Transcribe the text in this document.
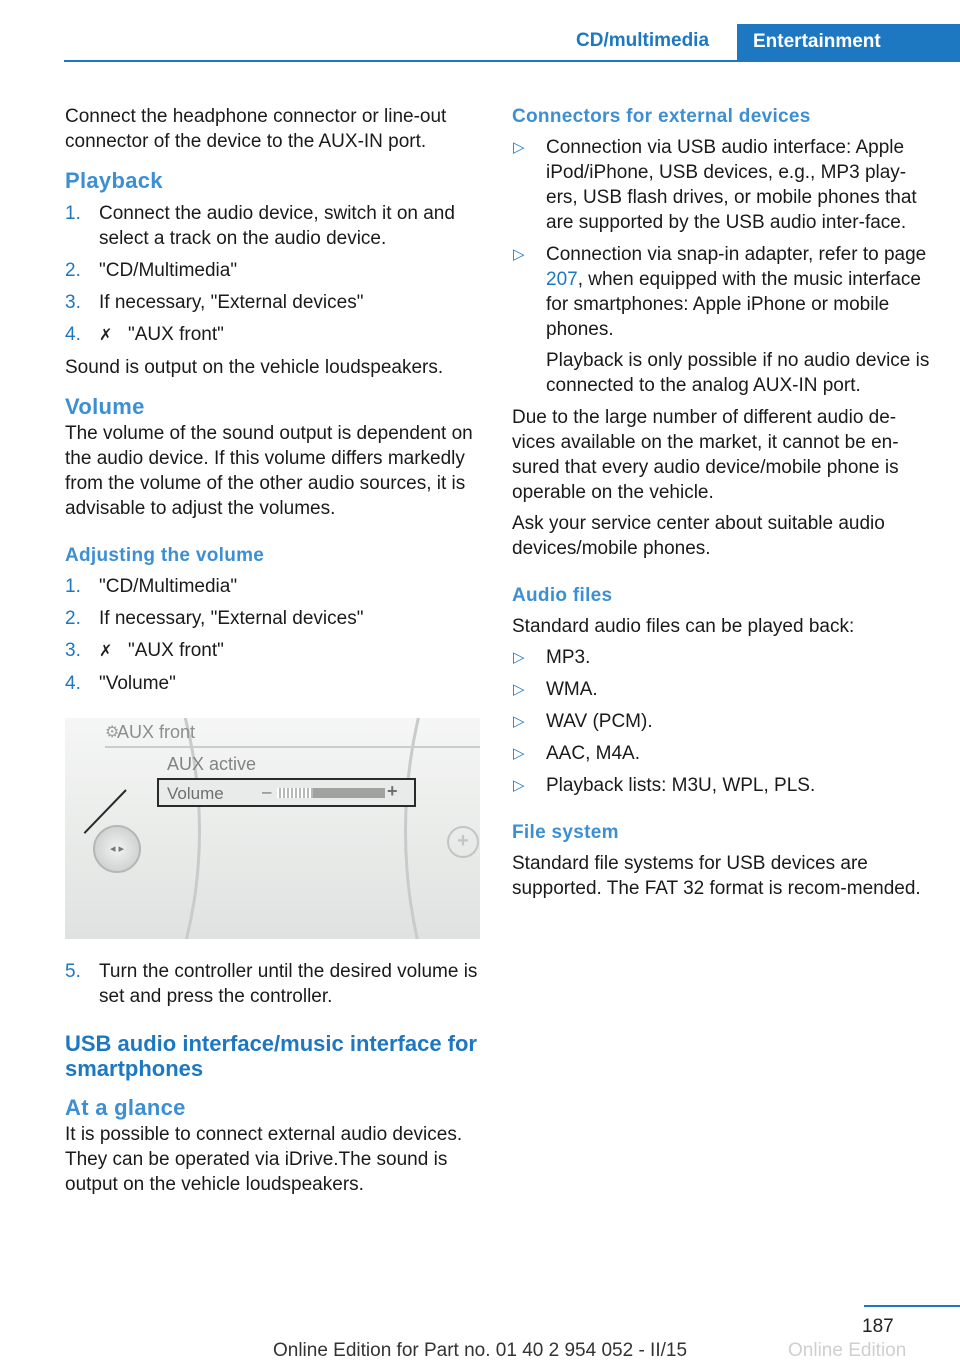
CD/multimedia	Entertainment

Connect the headphone connector or line-out connector of the device to the AUX-IN port.

Playback
1. Connect the audio device, switch it on and select a track on the audio device.
2. "CD/Multimedia"
3. If necessary, "External devices"
4. ✗ "AUX front"

Sound is output on the vehicle loudspeakers.

Volume

The volume of the sound output is dependent on the audio device. If this volume differs markedly from the volume of the other audio sources, it is advisable to adjust the volumes.

Adjusting the volume
1. "CD/Multimedia"
2. If necessary, "External devices"
3. ✗ "AUX front"
4. "Volume"
⚙
AUX front
AUX active
Volume –	+
◂ ▸	+
5. Turn the controller until the desired volume is set and press the controller.
USB audio interface/music interface for smartphones
At a glance

It is possible to connect external audio devices. They can be operated via iDrive.The sound is output on the vehicle loudspeakers.

Connectors for external devices
▷ Connection via USB audio interface: Apple iPod/iPhone, USB devices, e.g., MP3 play-ers, USB flash drives, or mobile phones that are supported by the USB audio inter-face.
▷ Connection via snap-in adapter, refer to page 207, when equipped with the music interface for smartphones: Apple iPhone or mobile phones.

Playback is only possible if no audio device is connected to the analog AUX-IN port.

Due to the large number of different audio de-vices available on the market, it cannot be en-sured that every audio device/mobile phone is operable on the vehicle.

Ask your service center about suitable audio devices/mobile phones.

Audio files

Standard audio files can be played back:

▷ MP3.
▷ WMA.
▷ WAV (PCM).
▷ AAC, M4A.
▷ Playback lists: M3U, WPL, PLS.
File system

Standard file systems for USB devices are supported. The FAT 32 format is recom-mended.

187
Online Edition for Part no. 01 40 2 954 052 - II/15	Online Edition
